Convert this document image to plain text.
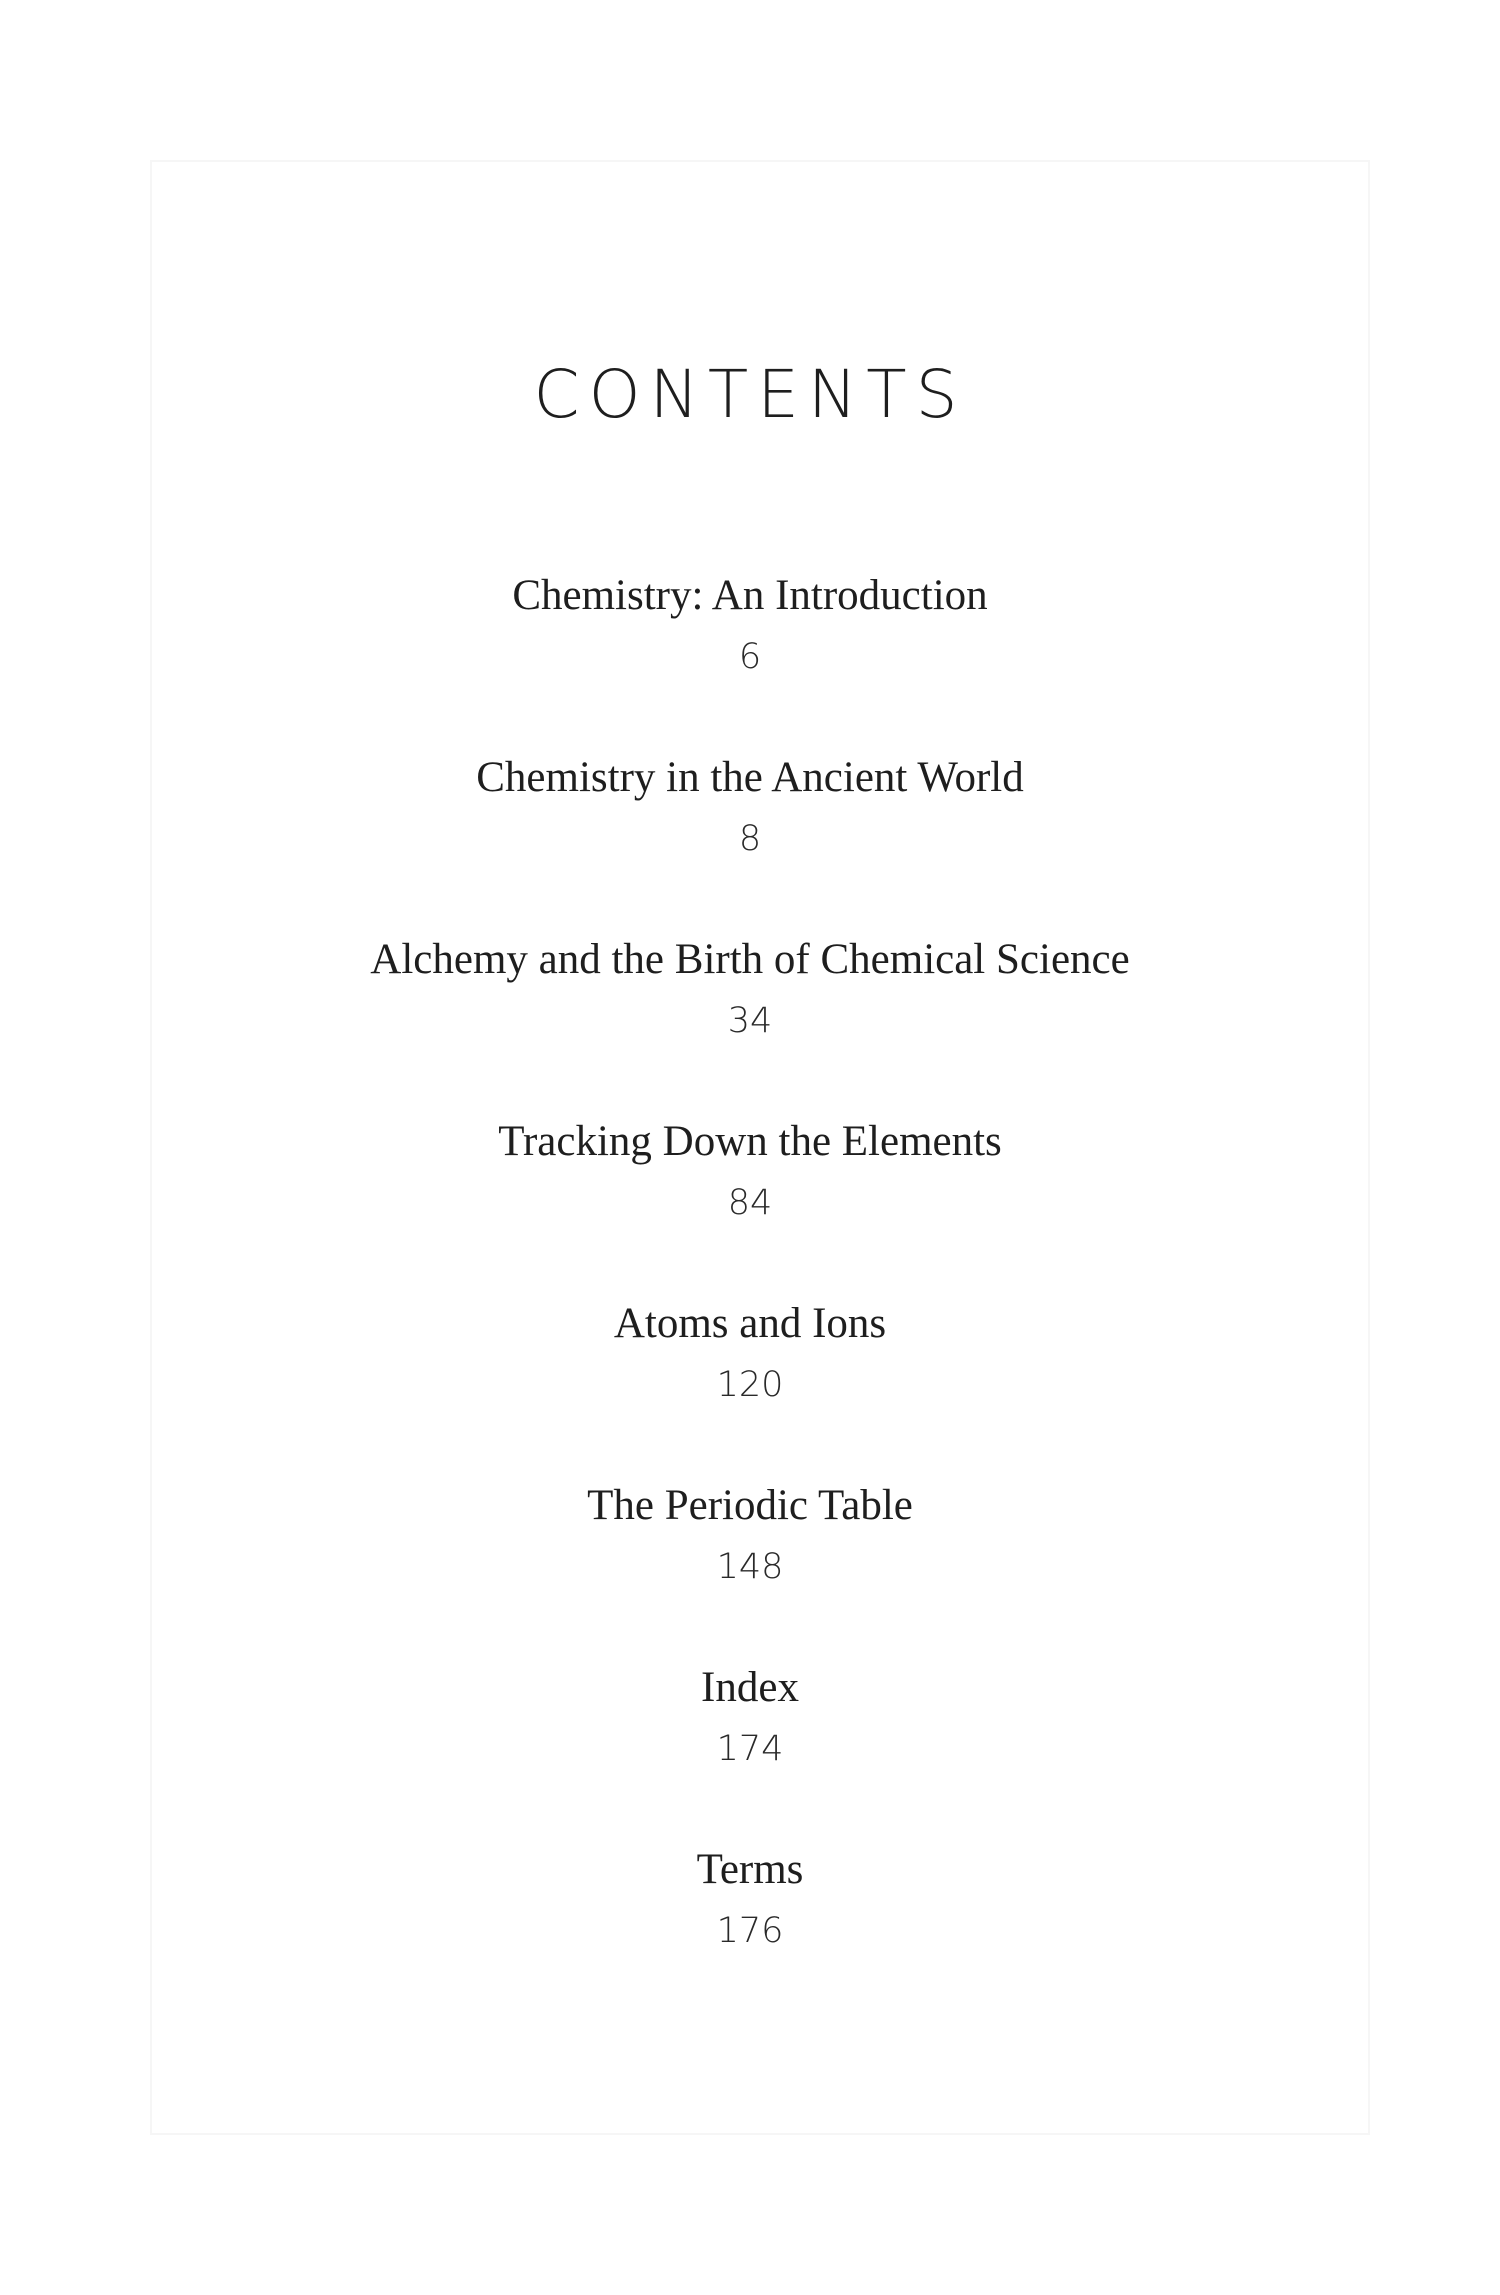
CONTENTS
Chemistry: An Introduction
6
Chemistry in the Ancient World
8
Alchemy and the Birth of Chemical Science
34
Tracking Down the Elements
84
Atoms and Ions
120
The Periodic Table
148
Index
174
Terms
176
